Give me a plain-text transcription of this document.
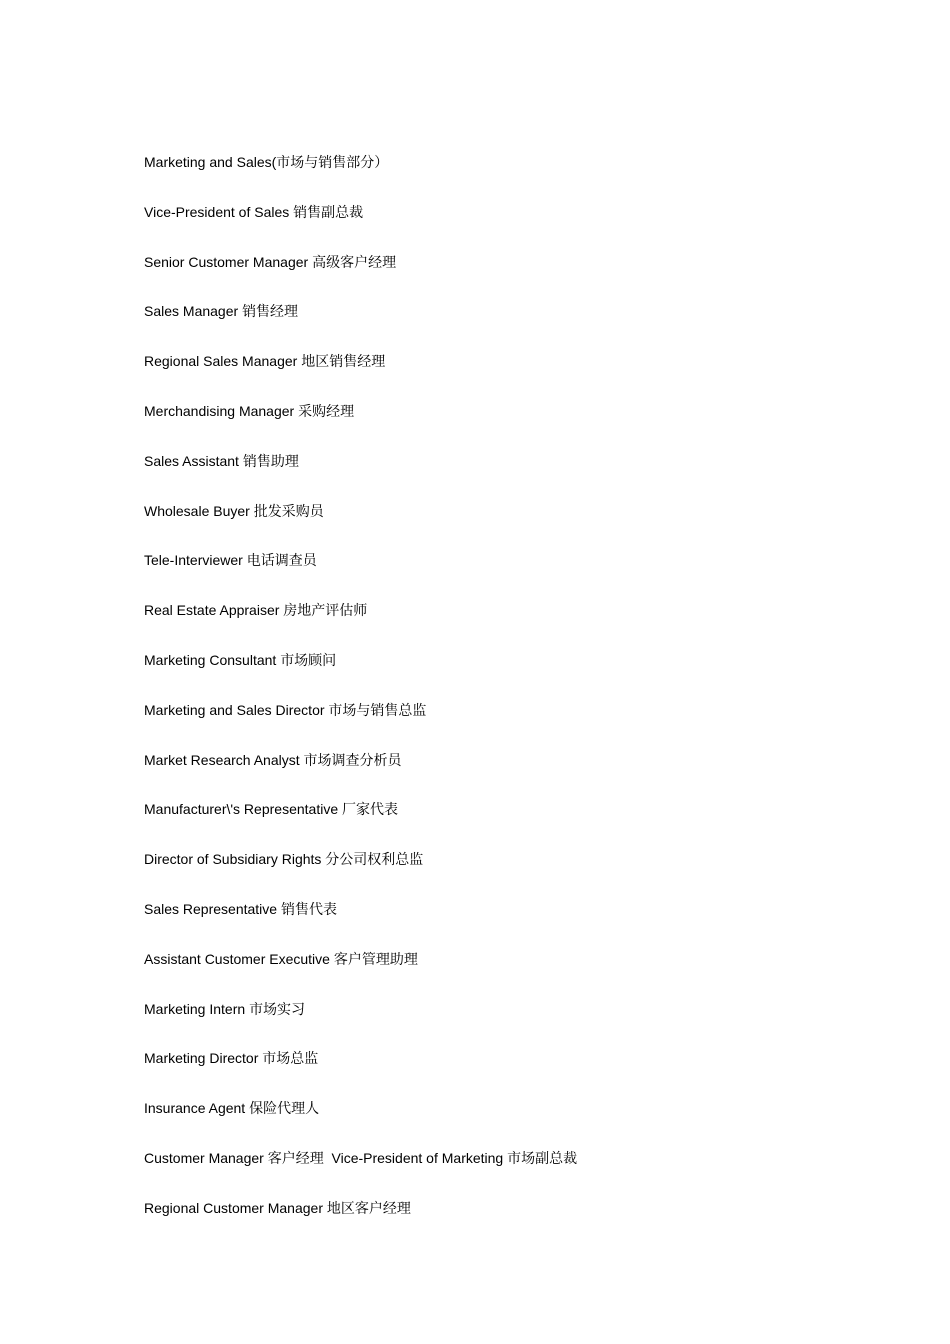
Marketing and Sales(市场与销售部分）
Vice-President of Sales 销售副总裁
Senior Customer Manager 高级客户经理
Sales Manager 销售经理
Regional Sales Manager 地区销售经理
Merchandising Manager 采购经理
Sales Assistant 销售助理
Wholesale Buyer 批发采购员
Tele-Interviewer 电话调查员
Real Estate Appraiser 房地产评估师
Marketing Consultant 市场顾问
Marketing and Sales Director 市场与销售总监
Market Research Analyst 市场调查分析员
Manufacturer\'s Representative 厂家代表
Director of Subsidiary Rights 分公司权利总监
Sales Representative 销售代表
Assistant Customer Executive 客户管理助理
Marketing Intern 市场实习
Marketing Director 市场总监
Insurance Agent 保险代理人
Customer Manager 客户经理  Vice-President of Marketing 市场副总裁
Regional Customer Manager 地区客户经理
